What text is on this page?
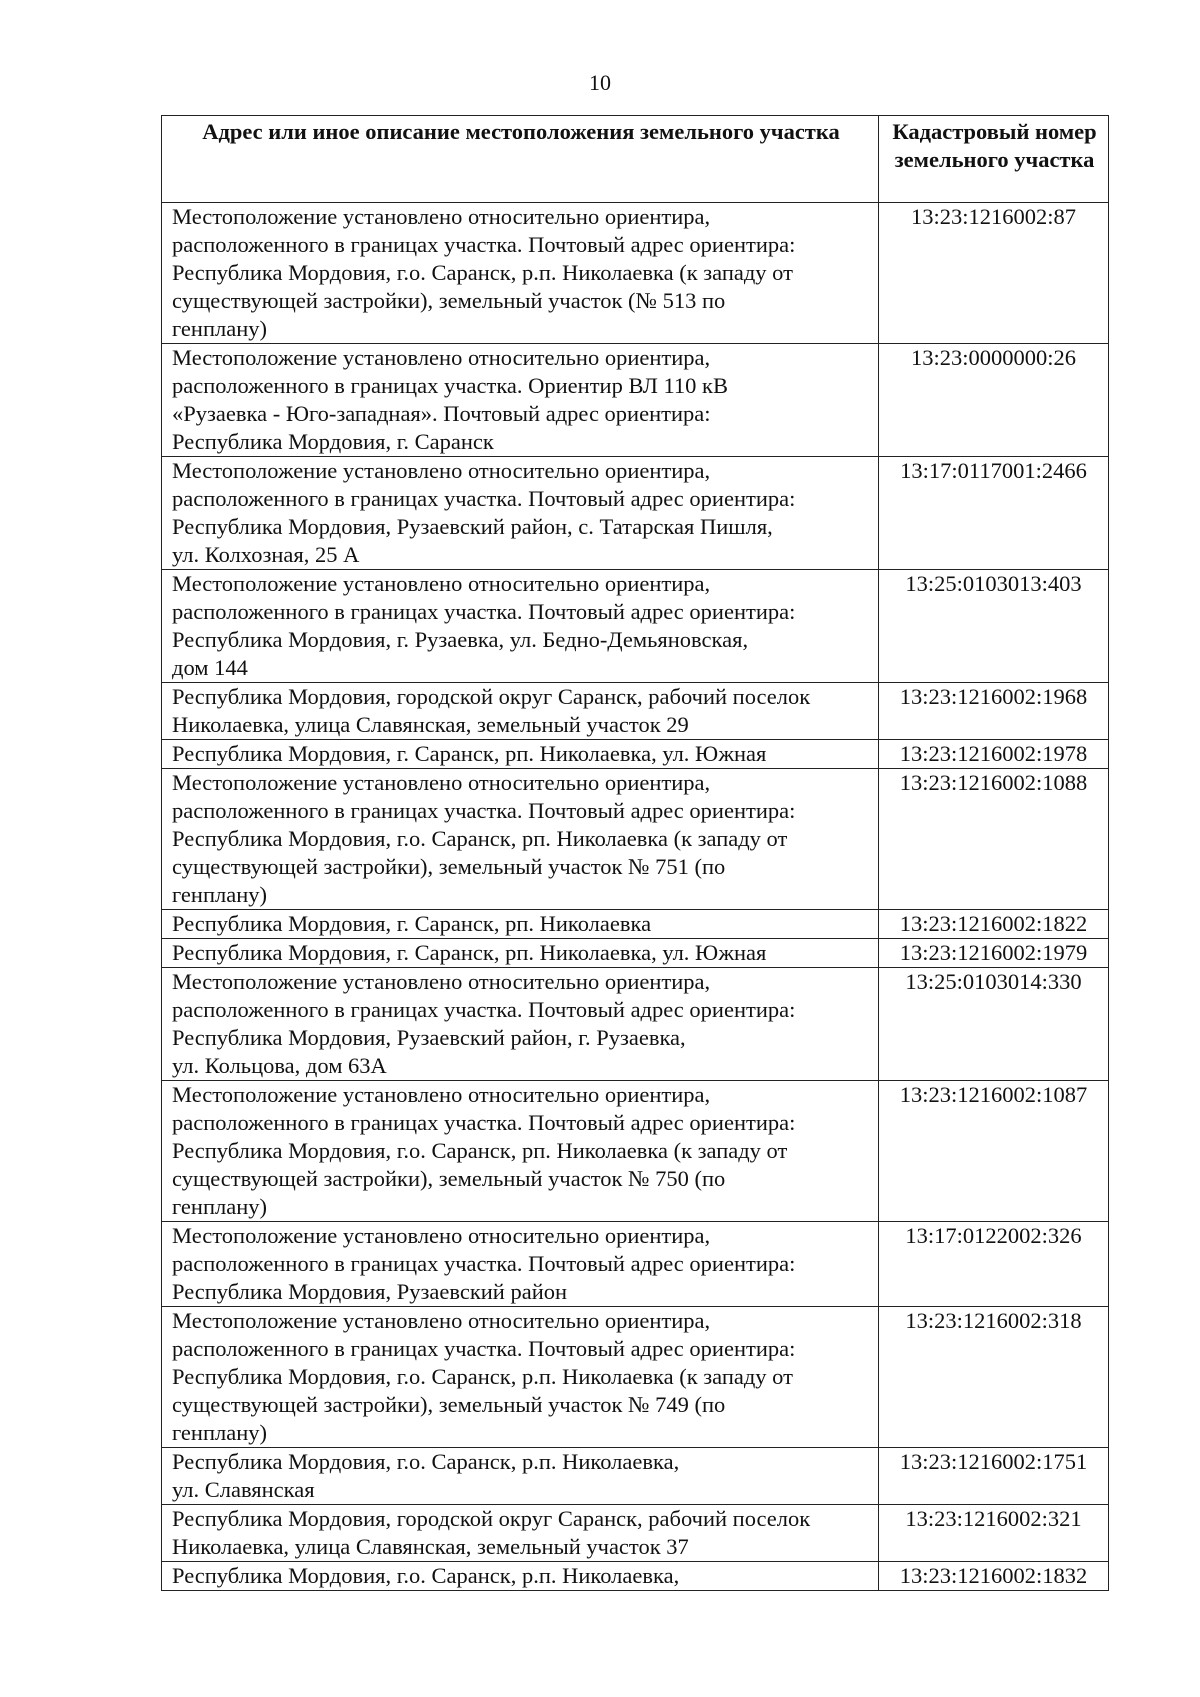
10
Адрес или иное описание местоположения земельного участка	Кадастровый номер земельного участка
Местоположение установлено относительно ориентира,
расположенного в границах участка. Почтовый адрес ориентира:
Республика Мордовия, г.о. Саранск, р.п. Николаевка (к западу от
существующей застройки), земельный участок (№ 513 по
генплану)	13:23:1216002:87
Местоположение установлено относительно ориентира,
расположенного в границах участка. Ориентир ВЛ 110 кВ
«Рузаевка - Юго-западная». Почтовый адрес ориентира:
Республика Мордовия, г. Саранск	13:23:0000000:26
Местоположение установлено относительно ориентира,
расположенного в границах участка. Почтовый адрес ориентира:
Республика Мордовия, Рузаевский район, с. Татарская Пишля,
ул. Колхозная, 25 А	13:17:0117001:2466
Местоположение установлено относительно ориентира,
расположенного в границах участка. Почтовый адрес ориентира:
Республика Мордовия, г. Рузаевка, ул. Бедно-Демьяновская,
дом 144	13:25:0103013:403
Республика Мордовия, городской округ Саранск, рабочий поселок
Николаевка, улица Славянская, земельный участок 29	13:23:1216002:1968
Республика Мордовия, г. Саранск, рп. Николаевка, ул. Южная	13:23:1216002:1978
Местоположение установлено относительно ориентира,
расположенного в границах участка. Почтовый адрес ориентира:
Республика Мордовия, г.о. Саранск, рп. Николаевка (к западу от
существующей застройки), земельный участок № 751 (по
генплану)	13:23:1216002:1088
Республика Мордовия, г. Саранск, рп. Николаевка	13:23:1216002:1822
Республика Мордовия, г. Саранск, рп. Николаевка, ул. Южная	13:23:1216002:1979
Местоположение установлено относительно ориентира,
расположенного в границах участка. Почтовый адрес ориентира:
Республика Мордовия, Рузаевский район, г. Рузаевка,
ул. Кольцова, дом 63А	13:25:0103014:330
Местоположение установлено относительно ориентира,
расположенного в границах участка. Почтовый адрес ориентира:
Республика Мордовия, г.о. Саранск, рп. Николаевка (к западу от
существующей застройки), земельный участок № 750 (по
генплану)	13:23:1216002:1087
Местоположение установлено относительно ориентира,
расположенного в границах участка. Почтовый адрес ориентира:
Республика Мордовия, Рузаевский район	13:17:0122002:326
Местоположение установлено относительно ориентира,
расположенного в границах участка. Почтовый адрес ориентира:
Республика Мордовия, г.о. Саранск, р.п. Николаевка (к западу от
существующей застройки), земельный участок № 749 (по
генплану)	13:23:1216002:318
Республика Мордовия, г.о. Саранск, р.п. Николаевка,
ул. Славянская	13:23:1216002:1751
Республика Мордовия, городской округ Саранск, рабочий поселок
Николаевка, улица Славянская, земельный участок 37	13:23:1216002:321
Республика Мордовия, г.о. Саранск, р.п. Николаевка,	13:23:1216002:1832
